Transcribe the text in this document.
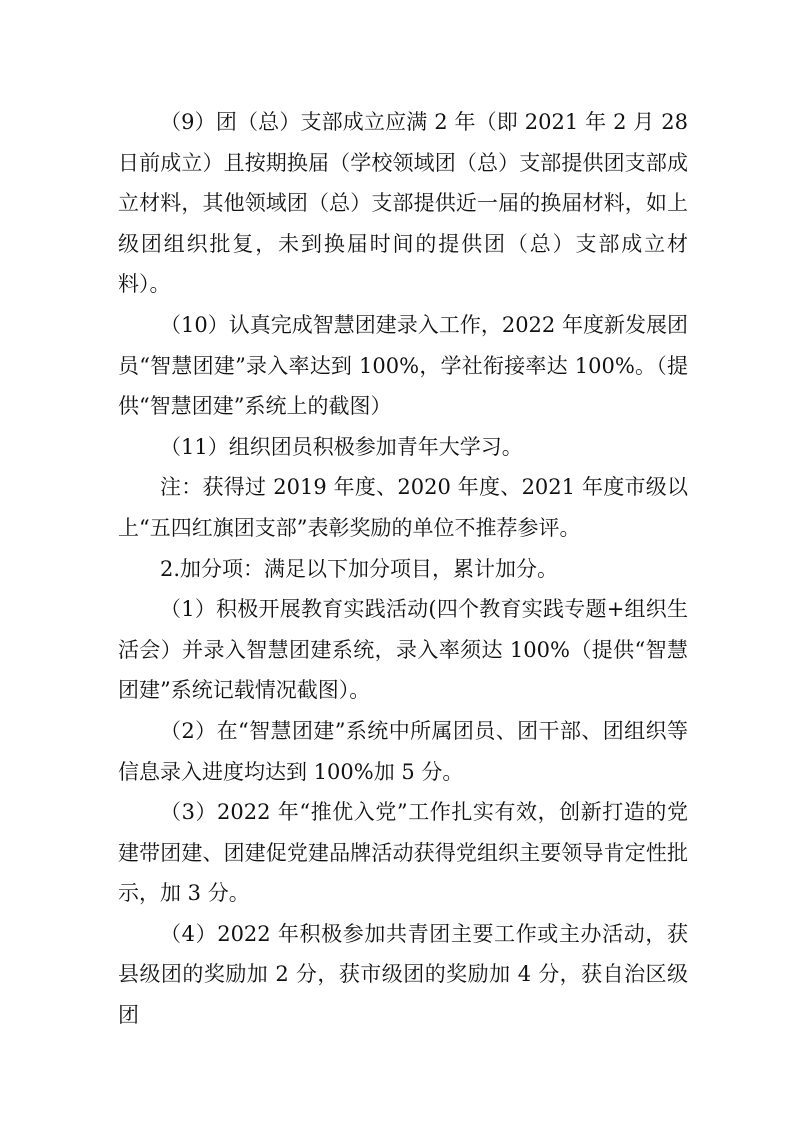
（9）团（总）支部成立应满 2 年（即 2021 年 2 月 28 日前成立）且按期换届（学校领域团（总）支部提供团支部成立材料，其他领域团（总）支部提供近一届的换届材料，如上级团组织批复，未到换届时间的提供团（总）支部成立材料）。

（10）认真完成智慧团建录入工作，2022 年度新发展团员“智慧团建”录入率达到 100%，学社衔接率达 100%。（提供“智慧团建”系统上的截图）

（11）组织团员积极参加青年大学习。

注：获得过 2019 年度、2020 年度、2021 年度市级以上“五四红旗团支部”表彰奖励的单位不推荐参评。

2.加分项：满足以下加分项目，累计加分。

（1）积极开展教育实践活动(四个教育实践专题+组织生活会）并录入智慧团建系统，录入率须达 100%（提供“智慧团建”系统记载情况截图）。

（2）在“智慧团建”系统中所属团员、团干部、团组织等信息录入进度均达到 100%加 5 分。

（3）2022 年“推优入党”工作扎实有效，创新打造的党建带团建、团建促党建品牌活动获得党组织主要领导肯定性批示，加 3 分。

（4）2022 年积极参加共青团主要工作或主办活动，获县级团的奖励加 2 分，获市级团的奖励加 4 分，获自治区级团
